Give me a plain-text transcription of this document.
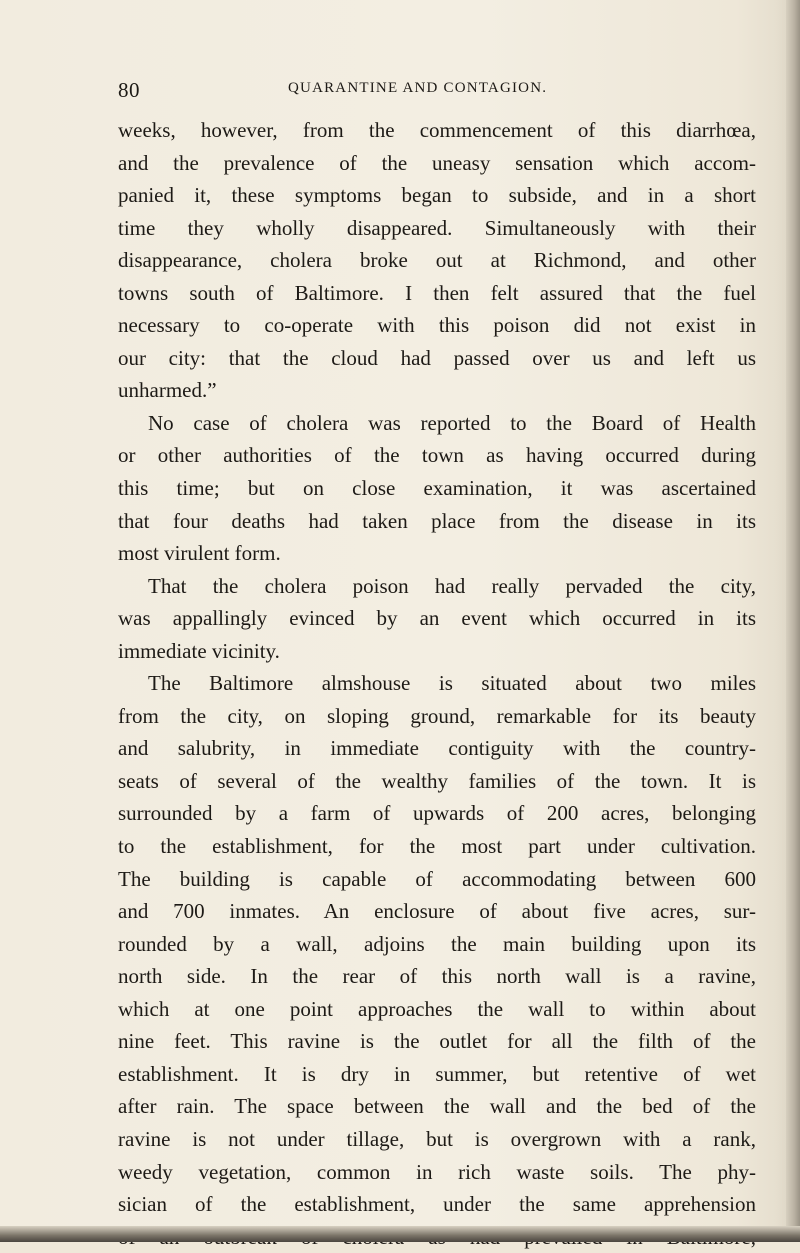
80	QUARANTINE AND CONTAGION.
weeks, however, from the commencement of this diarrhœa,
and the prevalence of the uneasy sensation which accom-
panied it, these symptoms began to subside, and in a short
time they wholly disappeared. Simultaneously with their
disappearance, cholera broke out at Richmond, and other
towns south of Baltimore. I then felt assured that the fuel
necessary to co-operate with this poison did not exist in
our city: that the cloud had passed over us and left us
unharmed.”
No case of cholera was reported to the Board of Health
or other authorities of the town as having occurred during
this time; but on close examination, it was ascertained
that four deaths had taken place from the disease in its
most virulent form.
That the cholera poison had really pervaded the city,
was appallingly evinced by an event which occurred in its
immediate vicinity.
The Baltimore almshouse is situated about two miles
from the city, on sloping ground, remarkable for its beauty
and salubrity, in immediate contiguity with the country-
seats of several of the wealthy families of the town. It is
surrounded by a farm of upwards of 200 acres, belonging
to the establishment, for the most part under cultivation.
The building is capable of accommodating between 600
and 700 inmates. An enclosure of about five acres, sur-
rounded by a wall, adjoins the main building upon its
north side. In the rear of this north wall is a ravine,
which at one point approaches the wall to within about
nine feet. This ravine is the outlet for all the filth of the
establishment. It is dry in summer, but retentive of wet
after rain. The space between the wall and the bed of the
ravine is not under tillage, but is overgrown with a rank,
weedy vegetation, common in rich waste soils. The phy-
sician of the establishment, under the same apprehension
